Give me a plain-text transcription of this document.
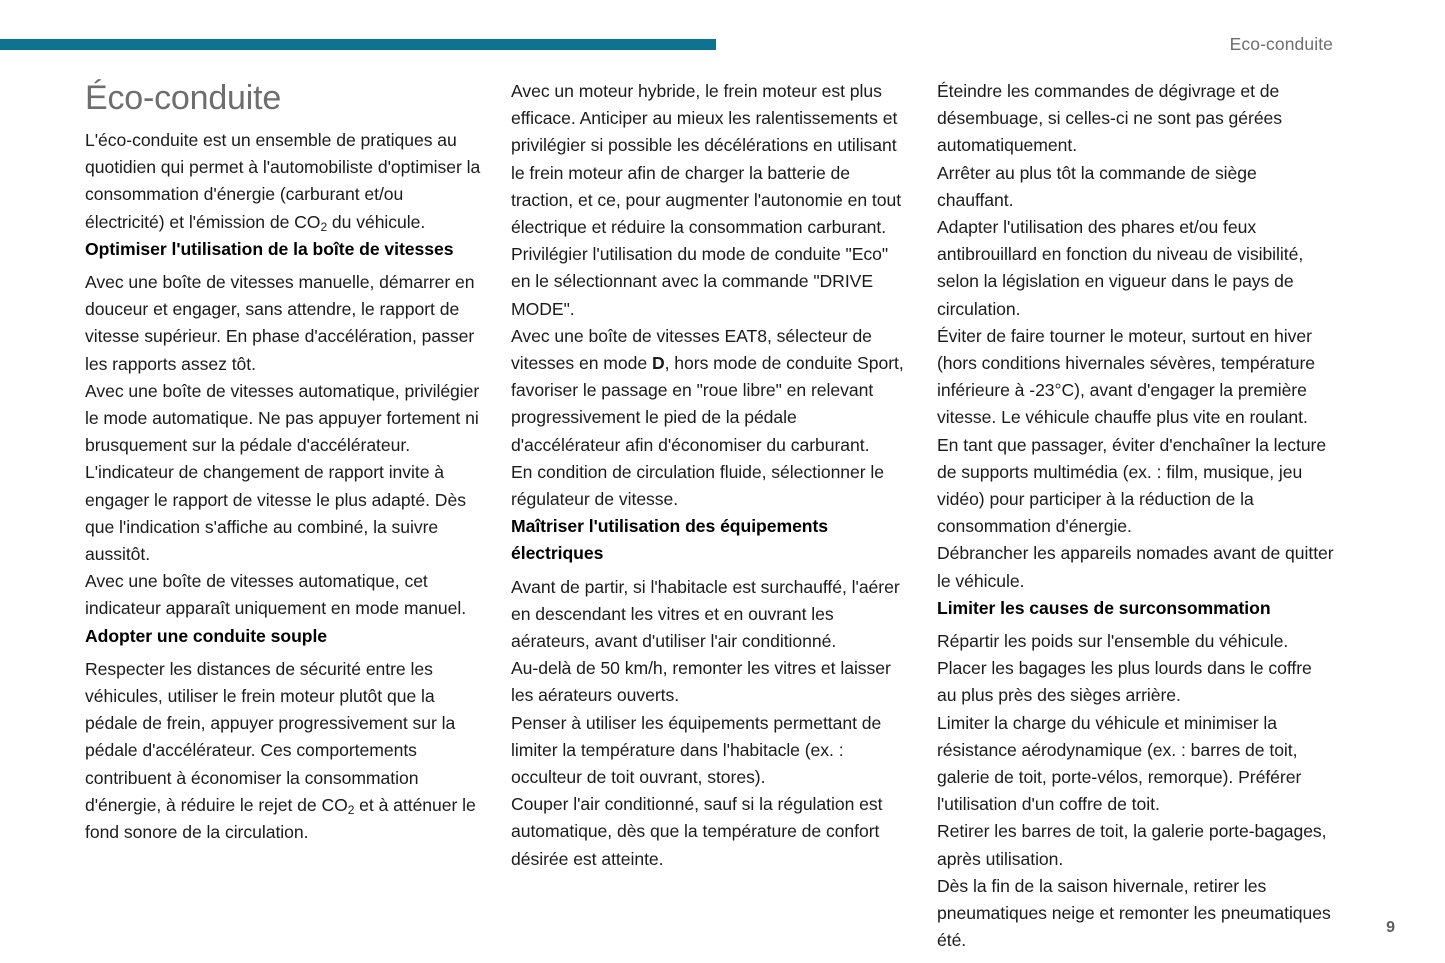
Eco-conduite
Éco-conduite

L'éco-conduite est un ensemble de pratiques au quotidien qui permet à l'automobiliste d'optimiser la consommation d'énergie (carburant et/ou électricité) et l'émission de $CO_2$ du véhicule.

Optimiser l'utilisation de la boîte de vitesses

Avec une boîte de vitesses manuelle, démarrer en douceur et engager, sans attendre, le rapport de vitesse supérieur. En phase d'accélération, passer les rapports assez tôt.

Avec une boîte de vitesses automatique, privilégier le mode automatique. Ne pas appuyer fortement ni brusquement sur la pédale d'accélérateur.

L'indicateur de changement de rapport invite à engager le rapport de vitesse le plus adapté. Dès que l'indication s'affiche au combiné, la suivre aussitôt.

Avec une boîte de vitesses automatique, cet indicateur apparaît uniquement en mode manuel.

Adopter une conduite souple

Respecter les distances de sécurité entre les véhicules, utiliser le frein moteur plutôt que la pédale de frein, appuyer progressivement sur la pédale d'accélérateur. Ces comportements contribuent à économiser la consommation d'énergie, à réduire le rejet de $CO_2$ et à atténuer le fond sonore de la circulation.

Avec un moteur hybride, le frein moteur est plus efficace. Anticiper au mieux les ralentissements et privilégier si possible les décélérations en utilisant le frein moteur afin de charger la batterie de traction, et ce, pour augmenter l'autonomie en tout électrique et réduire la consommation carburant.

Privilégier l'utilisation du mode de conduite "Eco" en le sélectionnant avec la commande "DRIVE MODE".

Avec une boîte de vitesses EAT8, sélecteur de vitesses en mode D, hors mode de conduite Sport, favoriser le passage en "roue libre" en relevant progressivement le pied de la pédale d'accélérateur afin d'économiser du carburant.

En condition de circulation fluide, sélectionner le régulateur de vitesse.

Maîtriser l'utilisation des équipements électriques

Avant de partir, si l'habitacle est surchauffé, l'aérer en descendant les vitres et en ouvrant les aérateurs, avant d'utiliser l'air conditionné.

Au-delà de 50 km/h, remonter les vitres et laisser les aérateurs ouverts.

Penser à utiliser les équipements permettant de limiter la température dans l'habitacle (ex. : occulteur de toit ouvrant, stores).

Couper l'air conditionné, sauf si la régulation est automatique, dès que la température de confort désirée est atteinte.

Éteindre les commandes de dégivrage et de désembuage, si celles-ci ne sont pas gérées automatiquement.

Arrêter au plus tôt la commande de siège chauffant.

Adapter l'utilisation des phares et/ou feux antibrouillard en fonction du niveau de visibilité, selon la législation en vigueur dans le pays de circulation.

Éviter de faire tourner le moteur, surtout en hiver (hors conditions hivernales sévères, température inférieure à -23°C), avant d'engager la première vitesse. Le véhicule chauffe plus vite en roulant.

En tant que passager, éviter d'enchaîner la lecture de supports multimédia (ex. : film, musique, jeu vidéo) pour participer à la réduction de la consommation d'énergie.

Débrancher les appareils nomades avant de quitter le véhicule.

Limiter les causes de surconsommation

Répartir les poids sur l'ensemble du véhicule.

Placer les bagages les plus lourds dans le coffre au plus près des sièges arrière.

Limiter la charge du véhicule et minimiser la résistance aérodynamique (ex. : barres de toit, galerie de toit, porte-vélos, remorque). Préférer l'utilisation d'un coffre de toit.

Retirer les barres de toit, la galerie porte-bagages, après utilisation.

Dès la fin de la saison hivernale, retirer les pneumatiques neige et remonter les pneumatiques été.

9
